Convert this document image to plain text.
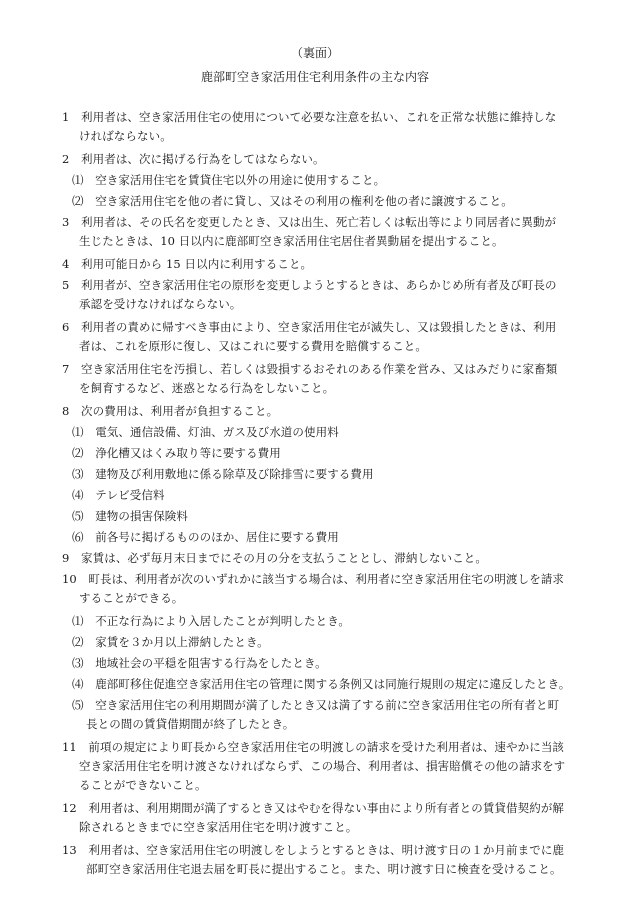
（裏面）
鹿部町空き家活用住宅利用条件の主な内容
1　利用者は、空き家活用住宅の使用について必要な注意を払い、これを正常な状態に維持しな
ければならない。
2　利用者は、次に掲げる行為をしてはならない。
⑴　空き家活用住宅を賃貸住宅以外の用途に使用すること。
⑵　空き家活用住宅を他の者に貸し、又はその利用の権利を他の者に譲渡すること。
3　利用者は、その氏名を変更したとき、又は出生、死亡若しくは転出等により同居者に異動が
生じたときは、10 日以内に鹿部町空き家活用住宅居住者異動届を提出すること。
4　利用可能日から 15 日以内に利用すること。
5　利用者が、空き家活用住宅の原形を変更しようとするときは、あらかじめ所有者及び町長の
承認を受けなければならない。
6　利用者の責めに帰すべき事由により、空き家活用住宅が滅失し、又は毀損したときは、利用
者は、これを原形に復し、又はこれに要する費用を賠償すること。
7　空き家活用住宅を汚損し、若しくは毀損するおそれのある作業を営み、又はみだりに家畜類
を飼育するなど、迷惑となる行為をしないこと。
8　次の費用は、利用者が負担すること。
⑴　電気、通信設備、灯油、ガス及び水道の使用料
⑵　浄化槽又はくみ取り等に要する費用
⑶　建物及び利用敷地に係る除草及び除排雪に要する費用
⑷　テレビ受信料
⑸　建物の損害保険料
⑹　前各号に掲げるもののほか、居住に要する費用
9　家賃は、必ず毎月末日までにその月の分を支払うこととし、滞納しないこと。
10　町長は、利用者が次のいずれかに該当する場合は、利用者に空き家活用住宅の明渡しを請求
することができる。
⑴　不正な行為により入居したことが判明したとき。
⑵　家賃を３か月以上滞納したとき。
⑶　地域社会の平穏を阻害する行為をしたとき。
⑷　鹿部町移住促進空き家活用住宅の管理に関する条例又は同施行規則の規定に違反したとき。
⑸　空き家活用住宅の利用期間が満了したとき又は満了する前に空き家活用住宅の所有者と町
長との間の賃貸借期間が終了したとき。
11　前項の規定により町長から空き家活用住宅の明渡しの請求を受けた利用者は、速やかに当該
空き家活用住宅を明け渡さなければならず、この場合、利用者は、損害賠償その他の請求をす
ることができないこと。
12　利用者は、利用期間が満了するとき又はやむを得ない事由により所有者との賃貸借契約が解
除されるときまでに空き家活用住宅を明け渡すこと。
13　利用者は、空き家活用住宅の明渡しをしようとするときは、明け渡す日の１か月前までに鹿
部町空き家活用住宅退去届を町長に提出すること。また、明け渡す日に検査を受けること。
